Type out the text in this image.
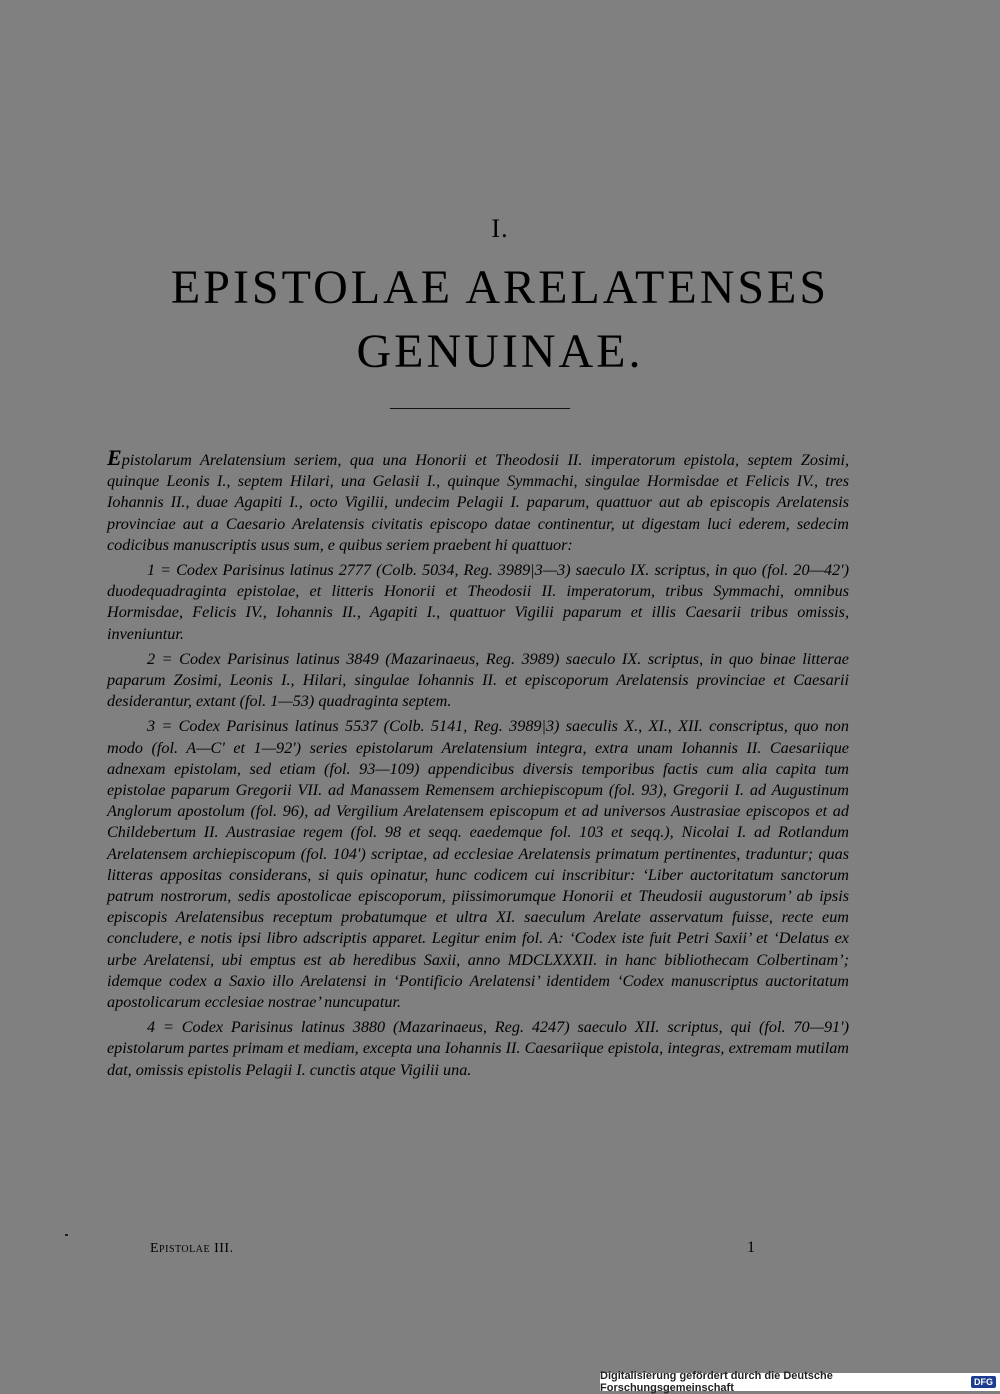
I.
EPISTOLAE ARELATENSES
GENUINAE.

Epistolarum Arelatensium seriem, qua una Honorii et Theodosii II. imperatorum epistola, septem Zosimi, quinque Leonis I., septem Hilari, una Gelasii I., quinque Symmachi, singulae Hormisdae et Felicis IV., tres Iohannis II., duae Agapiti I., octo Vigilii, undecim Pelagii I. paparum, quattuor aut ab episcopis Arelatensis provinciae aut a Caesario Arelatensis civitatis episcopo datae continentur, ut digestam luci ederem, sedecim codicibus manuscriptis usus sum, e quibus seriem praebent hi quattuor:

1 = Codex Parisinus latinus 2777 (Colb. 5034, Reg. 3989|3—3) saeculo IX. scriptus, in quo (fol. 20—42') duodequadraginta epistolae, et litteris Honorii et Theodosii II. imperatorum, tribus Symmachi, omnibus Hormisdae, Felicis IV., Iohannis II., Agapiti I., quattuor Vigilii paparum et illis Caesarii tribus omissis, inveniuntur.

2 = Codex Parisinus latinus 3849 (Mazarinaeus, Reg. 3989) saeculo IX. scriptus, in quo binae litterae paparum Zosimi, Leonis I., Hilari, singulae Iohannis II. et episcoporum Arelatensis provinciae et Caesarii desiderantur, extant (fol. 1—53) quadraginta septem.

3 = Codex Parisinus latinus 5537 (Colb. 5141, Reg. 3989|3) saeculis X., XI., XII. conscriptus, quo non modo (fol. A—C' et 1—92') series epistolarum Arelatensium integra, extra unam Iohannis II. Caesariique adnexam epistolam, sed etiam (fol. 93—109) appendicibus diversis temporibus factis cum alia capita tum epistolae paparum Gregorii VII. ad Manassem Remensem archiepiscopum (fol. 93), Gregorii I. ad Augustinum Anglorum apostolum (fol. 96), ad Vergilium Arelatensem episcopum et ad universos Austrasiae episcopos et ad Childebertum II. Austrasiae regem (fol. 98 et seqq. eaedemque fol. 103 et seqq.), Nicolai I. ad Rotlandum Arelatensem archiepiscopum (fol. 104') scriptae, ad ecclesiae Arelatensis primatum pertinentes, traduntur; quas litteras appositas considerans, si quis opinatur, hunc codicem cui inscribitur: ‘Liber auctoritatum sanctorum patrum nostrorum, sedis apostolicae episcoporum, piissimorumque Honorii et Theudosii augustorum’ ab ipsis episcopis Arelatensibus receptum probatumque et ultra XI. saeculum Arelate asservatum fuisse, recte eum concludere, e notis ipsi libro adscriptis apparet. Legitur enim fol. A: ‘Codex iste fuit Petri Saxii’ et ‘Delatus ex urbe Arelatensi, ubi emptus est ab heredibus Saxii, anno MDCLXXXII. in hanc bibliothecam Colbertinam’; idemque codex a Saxio illo Arelatensi in ‘Pontificio Arelatensi’ identidem ‘Codex manuscriptus auctoritatum apostolicarum ecclesiae nostrae’ nuncupatur.

4 = Codex Parisinus latinus 3880 (Mazarinaeus, Reg. 4247) saeculo XII. scriptus, qui (fol. 70—91') epistolarum partes primam et mediam, excepta una Iohannis II. Caesariique epistola, integras, extremam mutilam dat, omissis epistolis Pelagii I. cunctis atque Vigilii una.

Epistolae III.	1
Digitalisierung gefördert durch die Deutsche Forschungsgemeinschaft	DFG
